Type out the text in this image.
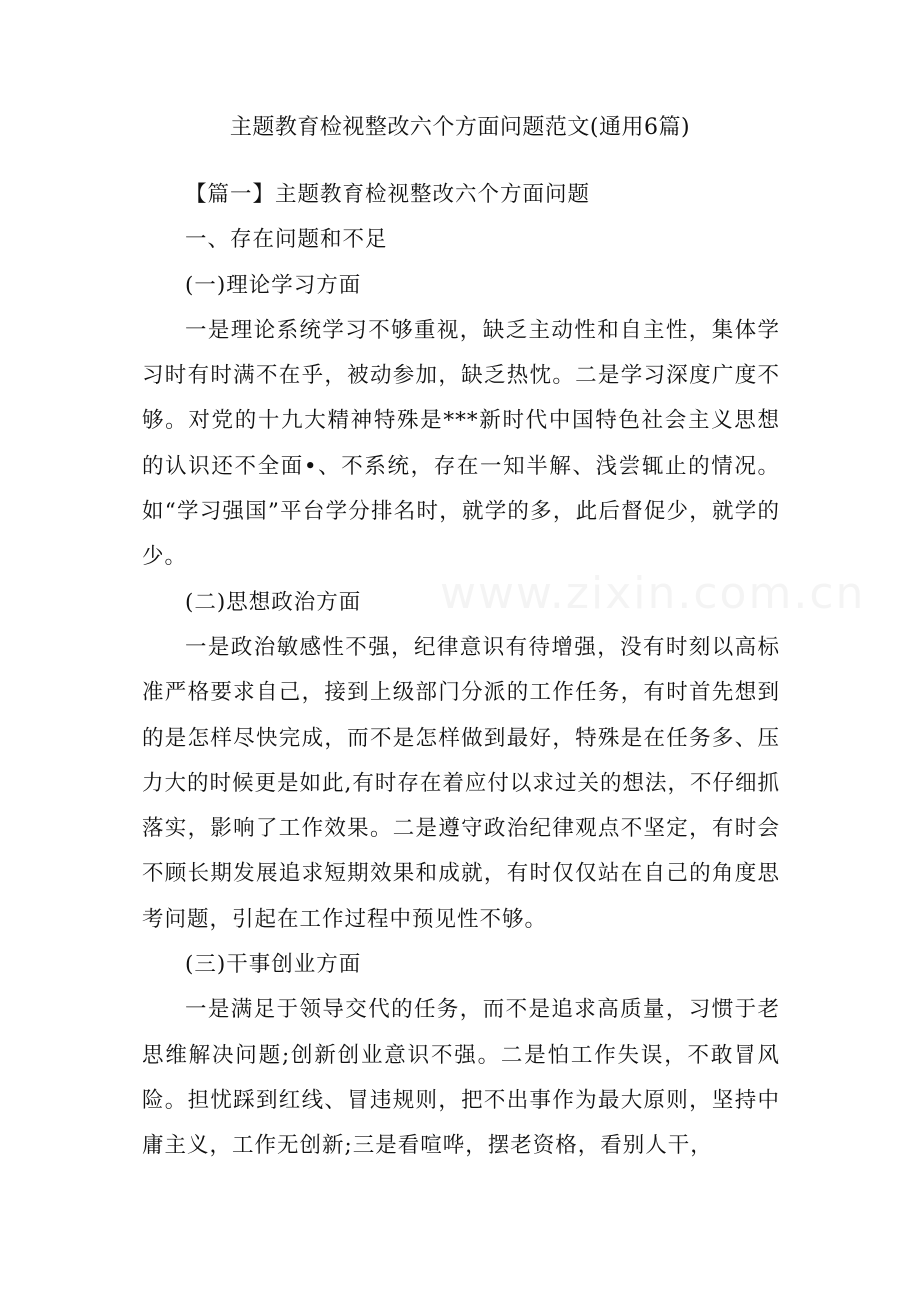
www.zixin.com.cn
主题教育检视整改六个方面问题范文(通用6篇)

【篇一】主题教育检视整改六个方面问题

一、存在问题和不足

(一)理论学习方面

一是理论系统学习不够重视，缺乏主动性和自主性，集体学习时有时满不在乎，被动参加，缺乏热忱。二是学习深度广度不够。对党的十九大精神特殊是***新时代中国特色社会主义思想的认识还不全面•、不系统，存在一知半解、浅尝辄止的情况。如“学习强国”平台学分排名时，就学的多，此后督促少，就学的少。

(二)思想政治方面

一是政治敏感性不强，纪律意识有待增强，没有时刻以高标准严格要求自己，接到上级部门分派的工作任务，有时首先想到的是怎样尽快完成，而不是怎样做到最好，特殊是在任务多、压力大的时候更是如此,有时存在着应付以求过关的想法，不仔细抓落实，影响了工作效果。二是遵守政治纪律观点不坚定，有时会不顾长期发展追求短期效果和成就，有时仅仅站在自己的角度思考问题，引起在工作过程中预见性不够。

(三)干事创业方面

一是满足于领导交代的任务，而不是追求高质量，习惯于老思维解决问题;创新创业意识不强。二是怕工作失误，不敢冒风险。担忧踩到红线、冒违规则，把不出事作为最大原则，坚持中庸主义，工作无创新;三是看喧哗，摆老资格，看别人干，
